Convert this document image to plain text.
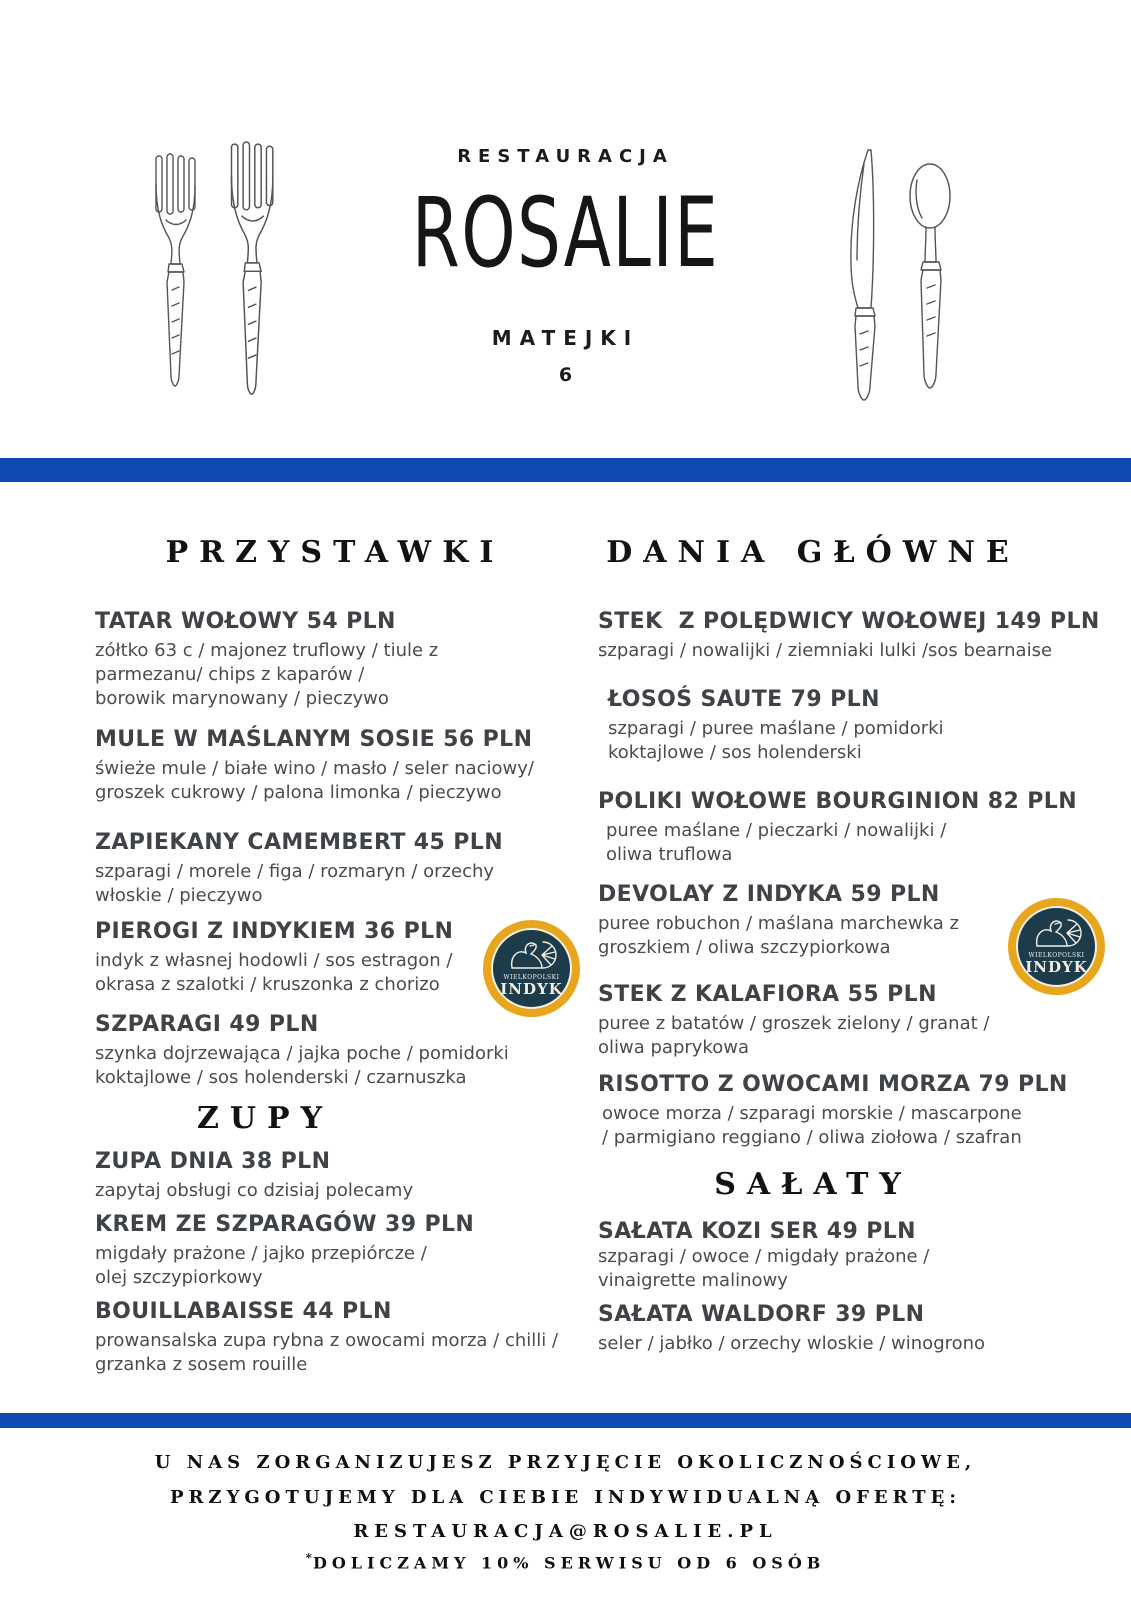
RESTAURACJA
ROSALIE
MATEJKI
6
PRZYSTAWKI

TATAR WOŁOWY 54 PLN

zółtko 63 c / majonez truflowy / tiule z
parmezanu/ chips z kaparów /
borowik marynowany / pieczywo

MULE W MAŚLANYM SOSIE 56 PLN

świeże mule / białe wino / masło / seler naciowy/
groszek cukrowy / palona limonka / pieczywo

ZAPIEKANY CAMEMBERT 45 PLN

szparagi / morele / figa / rozmaryn / orzechy
włoskie / pieczywo

PIEROGI Z INDYKIEM 36 PLN

indyk z własnej hodowli / sos estragon /
okrasa z szalotki / kruszonka z chorizo

SZPARAGI 49 PLN

szynka dojrzewająca / jajka poche / pomidorki
koktajlowe / sos holenderski / czarnuszka

ZUPY

ZUPA DNIA 38 PLN

zapytaj obsługi co dzisiaj polecamy

KREM ZE SZPARAGÓW 39 PLN

migdały prażone / jajko przepiórcze /
olej szczypiorkowy

BOUILLABAISSE 44 PLN

prowansalska zupa rybna z owocami morza / chilli /
grzanka z sosem rouille

DANIA GŁÓWNE

STEK  Z POLĘDWICY WOŁOWEJ 149 PLN

szparagi / nowalijki / ziemniaki lulki /sos bearnaise

ŁOSOŚ SAUTE 79 PLN

szparagi / puree maślane / pomidorki
koktajlowe / sos holenderski

POLIKI WOŁOWE BOURGINION 82 PLN

puree maślane / pieczarki / nowalijki /
oliwa truflowa

DEVOLAY Z INDYKA 59 PLN

puree robuchon / maślana marchewka z
groszkiem / oliwa szczypiorkowa

STEK Z KALAFIORA 55 PLN

puree z batatów / groszek zielony / granat /
oliwa paprykowa

RISOTTO Z OWOCAMI MORZA 79 PLN

owoce morza / szparagi morskie / mascarpone
/ parmigiano reggiano / oliwa ziołowa / szafran

SAŁATY

SAŁATA KOZI SER 49 PLN

szparagi / owoce / migdały prażone /
vinaigrette malinowy

SAŁATA WALDORF 39 PLN

seler / jabłko / orzechy wloskie / winogrono

WIELKOPOLSKI
INDYK
WIELKOPOLSKI
INDYK
U NAS ZORGANIZUJESZ PRZYJĘCIE OKOLICZNOŚCIOWE,
PRZYGOTUJEMY DLA CIEBIE INDYWIDUALNĄ OFERTĘ:
RESTAURACJA@ROSALIE.PL
*DOLICZAMY 10% SERWISU OD 6 OSÓB
